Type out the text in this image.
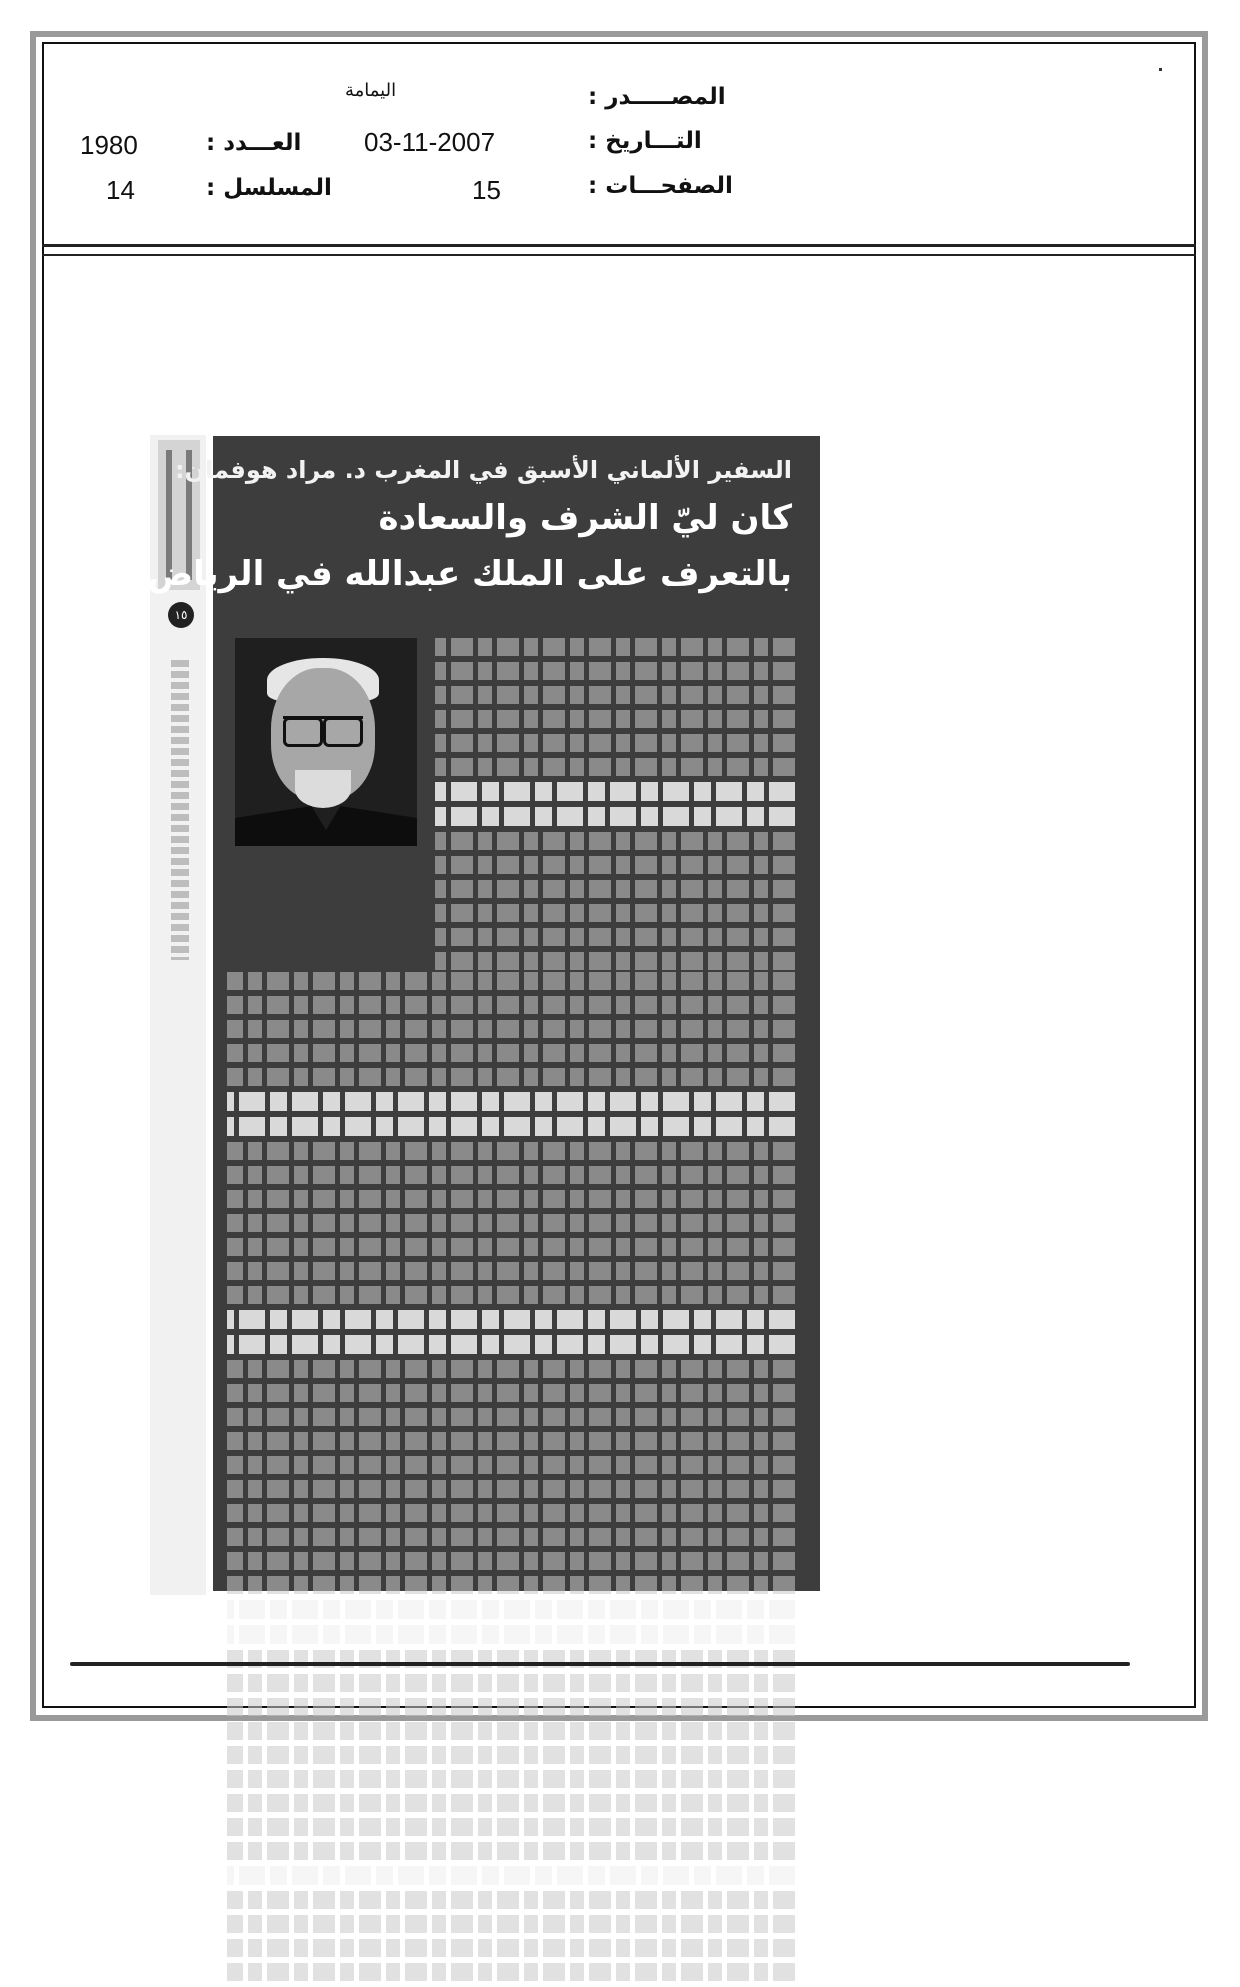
اليمامة	المصـــــدر :
1980	العـــدد : 03-11-2007	التـــاريخ :
14	المسلسل :	15	الصفحـــات :
١٥
السفير الألماني الأسبق في المغرب د. مراد هوفمان:
كان ليّ الشرف والسعادة
بالتعرف على الملك عبدالله في الرياض
